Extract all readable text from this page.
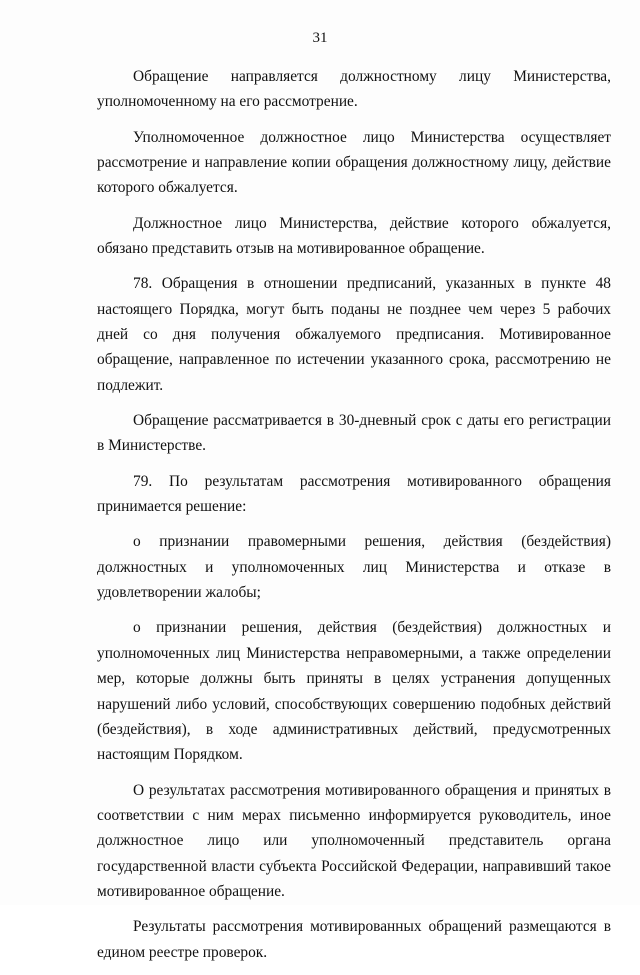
31

Обращение направляется должностному лицу Министерства, уполномоченному на его рассмотрение.

Уполномоченное должностное лицо Министерства осуществляет рассмотрение и направление копии обращения должностному лицу, действие которого обжалуется.

Должностное лицо Министерства, действие которого обжалуется, обязано представить отзыв на мотивированное обращение.

78. Обращения в отношении предписаний, указанных в пункте 48 настоящего Порядка, могут быть поданы не позднее чем через 5 рабочих дней со дня получения обжалуемого предписания. Мотивированное обращение, направленное по истечении указанного срока, рассмотрению не подлежит.

Обращение рассматривается в 30-дневный срок с даты его регистрации в Министерстве.

79. По результатам рассмотрения мотивированного обращения принимается решение:

о признании правомерными решения, действия (бездействия) должностных и уполномоченных лиц Министерства и отказе в удовлетворении жалобы;

о признании решения, действия (бездействия) должностных и уполномоченных лиц Министерства неправомерными, а также определении мер, которые должны быть приняты в целях устранения допущенных нарушений либо условий, способствующих совершению подобных действий (бездействия), в ходе административных действий, предусмотренных настоящим Порядком.

О результатах рассмотрения мотивированного обращения и принятых в соответствии с ним мерах письменно информируется руководитель, иное должностное лицо или уполномоченный представитель органа государственной власти субъекта Российской Федерации, направивший такое мотивированное обращение.

Результаты рассмотрения мотивированных обращений размещаются в едином реестре проверок.
